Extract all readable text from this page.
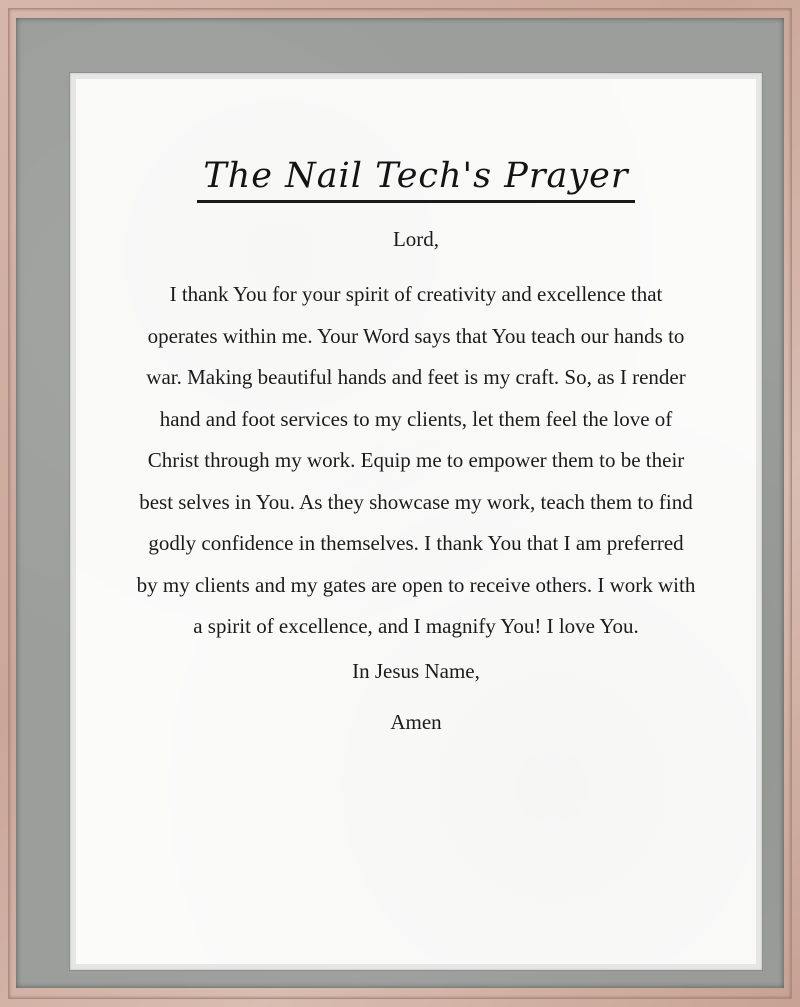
The Nail Tech's Prayer

Lord,

I thank You for your spirit of creativity and excellence that operates within me. Your Word says that You teach our hands to war. Making beautiful hands and feet is my craft. So, as I render hand and foot services to my clients, let them feel the love of Christ through my work. Equip me to empower them to be their best selves in You. As they showcase my work, teach them to find godly confidence in themselves. I thank You that I am preferred by my clients and my gates are open to receive others. I work with a spirit of excellence, and I magnify You! I love You.

In Jesus Name,

Amen
